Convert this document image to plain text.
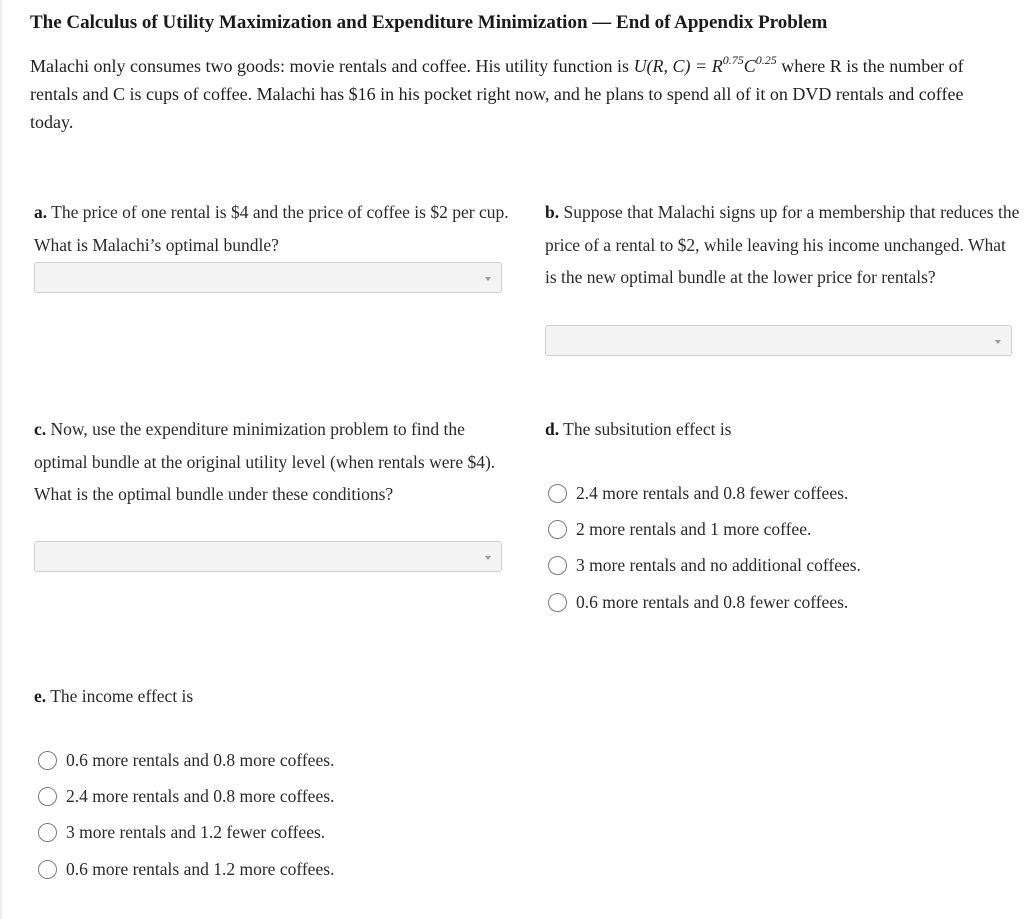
The Calculus of Utility Maximization and Expenditure Minimization — End of Appendix Problem
Malachi only consumes two goods: movie rentals and coffee. His utility function is U(R, $C) = R^{0.75}C^{0.25}$ where R is the number of rentals and C is cups of coffee. Malachi has $16 in his pocket right now, and he plans to spend all of it on DVD rentals and coffee today.
a. The price of one rental is $4 and the price of coffee is $2 per cup. What is Malachi’s optimal bundle?
b. Suppose that Malachi signs up for a membership that reduces the price of a rental to $2, while leaving his income unchanged. What is the new optimal bundle at the lower price for rentals?
c. Now, use the expenditure minimization problem to find the optimal bundle at the original utility level (when rentals were $4). What is the optimal bundle under these conditions?
d. The subsitution effect is
2.4 more rentals and 0.8 fewer coffees.
2 more rentals and 1 more coffee.
3 more rentals and no additional coffees.
0.6 more rentals and 0.8 fewer coffees.
e. The income effect is
0.6 more rentals and 0.8 more coffees.
2.4 more rentals and 0.8 more coffees.
3 more rentals and 1.2 fewer coffees.
0.6 more rentals and 1.2 more coffees.
